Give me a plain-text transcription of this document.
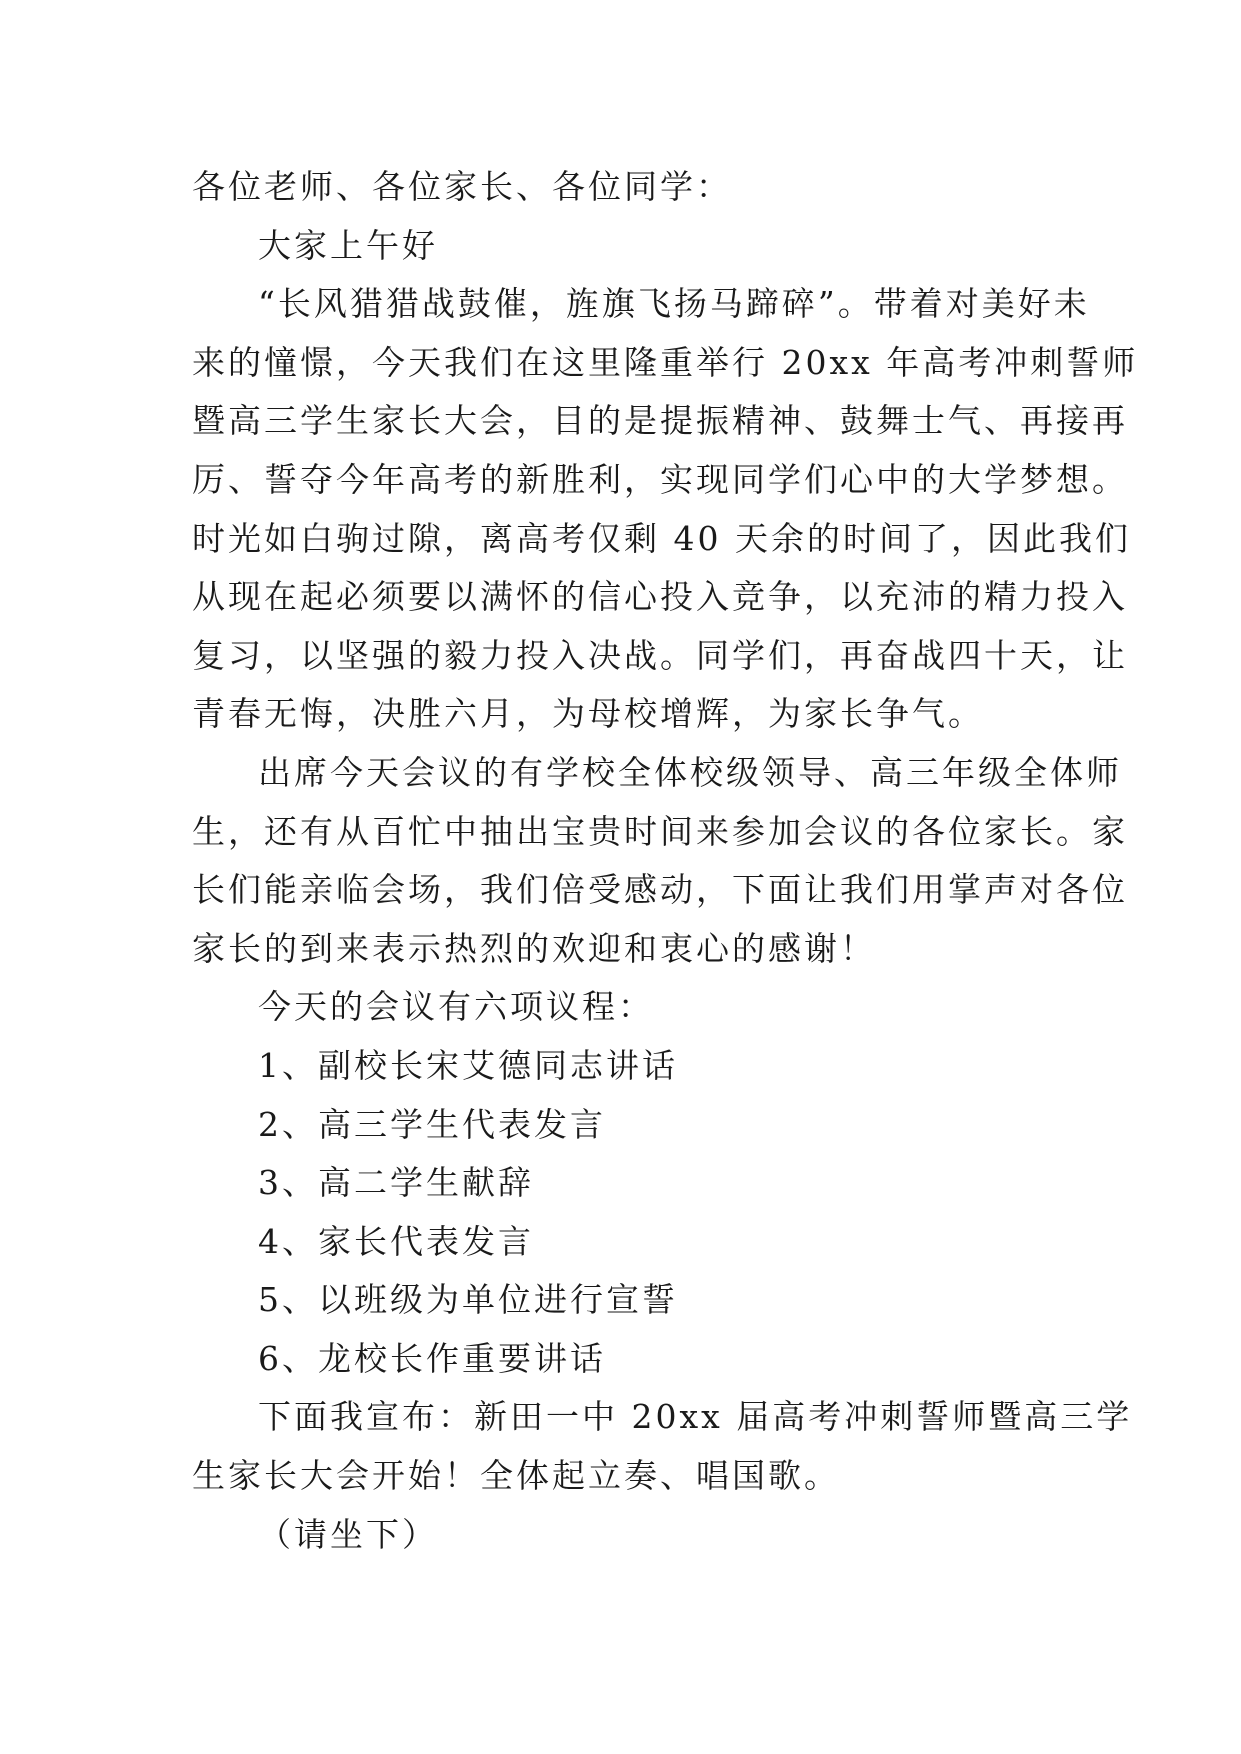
各位老师、各位家长、各位同学：

大家上午好

“长风猎猎战鼓催，旌旗飞扬马蹄碎”。带着对美好未

来的憧憬，今天我们在这里隆重举行 20xx 年高考冲刺誓师

暨高三学生家长大会，目的是提振精神、鼓舞士气、再接再

厉、誓夺今年高考的新胜利，实现同学们心中的大学梦想。

时光如白驹过隙，离高考仅剩 40 天余的时间了，因此我们

从现在起必须要以满怀的信心投入竞争，以充沛的精力投入

复习，以坚强的毅力投入决战。同学们，再奋战四十天，让

青春无悔，决胜六月，为母校增辉，为家长争气。

出席今天会议的有学校全体校级领导、高三年级全体师

生，还有从百忙中抽出宝贵时间来参加会议的各位家长。家

长们能亲临会场，我们倍受感动，下面让我们用掌声对各位

家长的到来表示热烈的欢迎和衷心的感谢！

今天的会议有六项议程：

1、副校长宋艾德同志讲话
2、高三学生代表发言
3、高二学生献辞
4、家长代表发言
5、以班级为单位进行宣誓
6、龙校长作重要讲话

下面我宣布：新田一中 20xx 届高考冲刺誓师暨高三学

生家长大会开始！全体起立奏、唱国歌。

（请坐下）
